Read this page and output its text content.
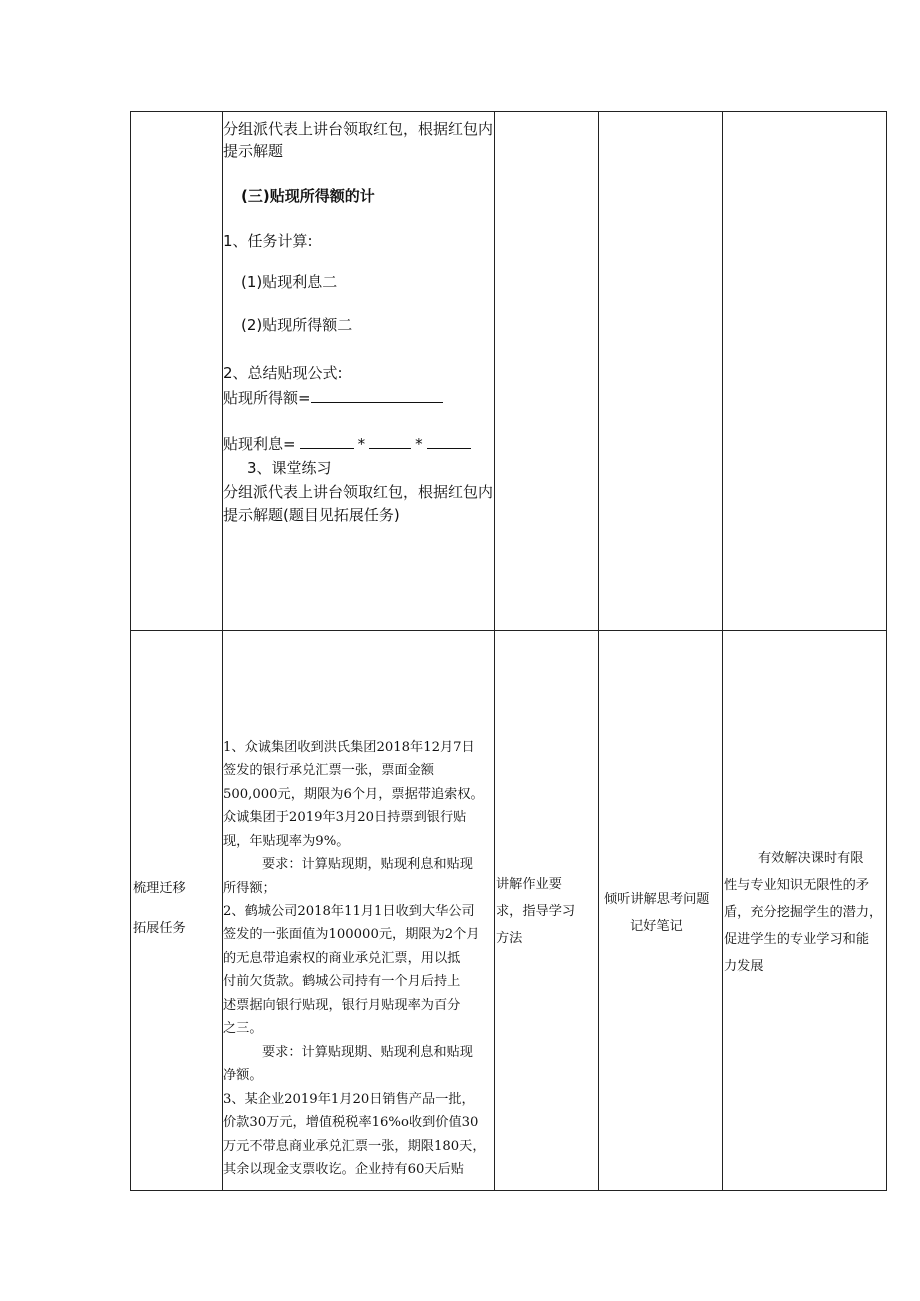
分组派代表上讲台领取红包，根据红包内
提示解题
(三)贴现所得额的计
1、任务计算:
(1)贴现利息二
(2)贴现所得额二
2、总结贴现公式:
贴现所得额=
贴现利息=	*	*
3、课堂练习
分组派代表上讲台领取红包，根据红包内
提示解题(题目见拓展任务)
梳理迁移
拓展任务
1、众诚集团收到洪氏集团2018年12月7日
签发的银行承兑汇票一张，票面金额
500,000元，期限为6个月，票据带追索权。
众诚集团于2019年3月20日持票到银行贴
现，年贴现率为9%。
要求：计算贴现期，贴现利息和贴现
所得额；
2、鹤城公司2018年11月1日收到大华公司
签发的一张面值为100000元，期限为2个月
的无息带追索权的商业承兑汇票，用以抵
付前欠货款。鹤城公司持有一个月后持上
述票据向银行贴现，银行月贴现率为百分
之三。
要求：计算贴现期、贴现利息和贴现
净额。
3、某企业2019年1月20日销售产品一批，
价款30万元，增值税税率16%o收到价值30
万元不带息商业承兑汇票一张，期限180天，
其余以现金支票收讫。企业持有60天后贴
讲解作业要
求，指导学习
方法
倾听讲解思考问题
记好笔记
有效解决课时有限
性与专业知识无限性的矛
盾，充分挖掘学生的潜力，
促进学生的专业学习和能
力发展
